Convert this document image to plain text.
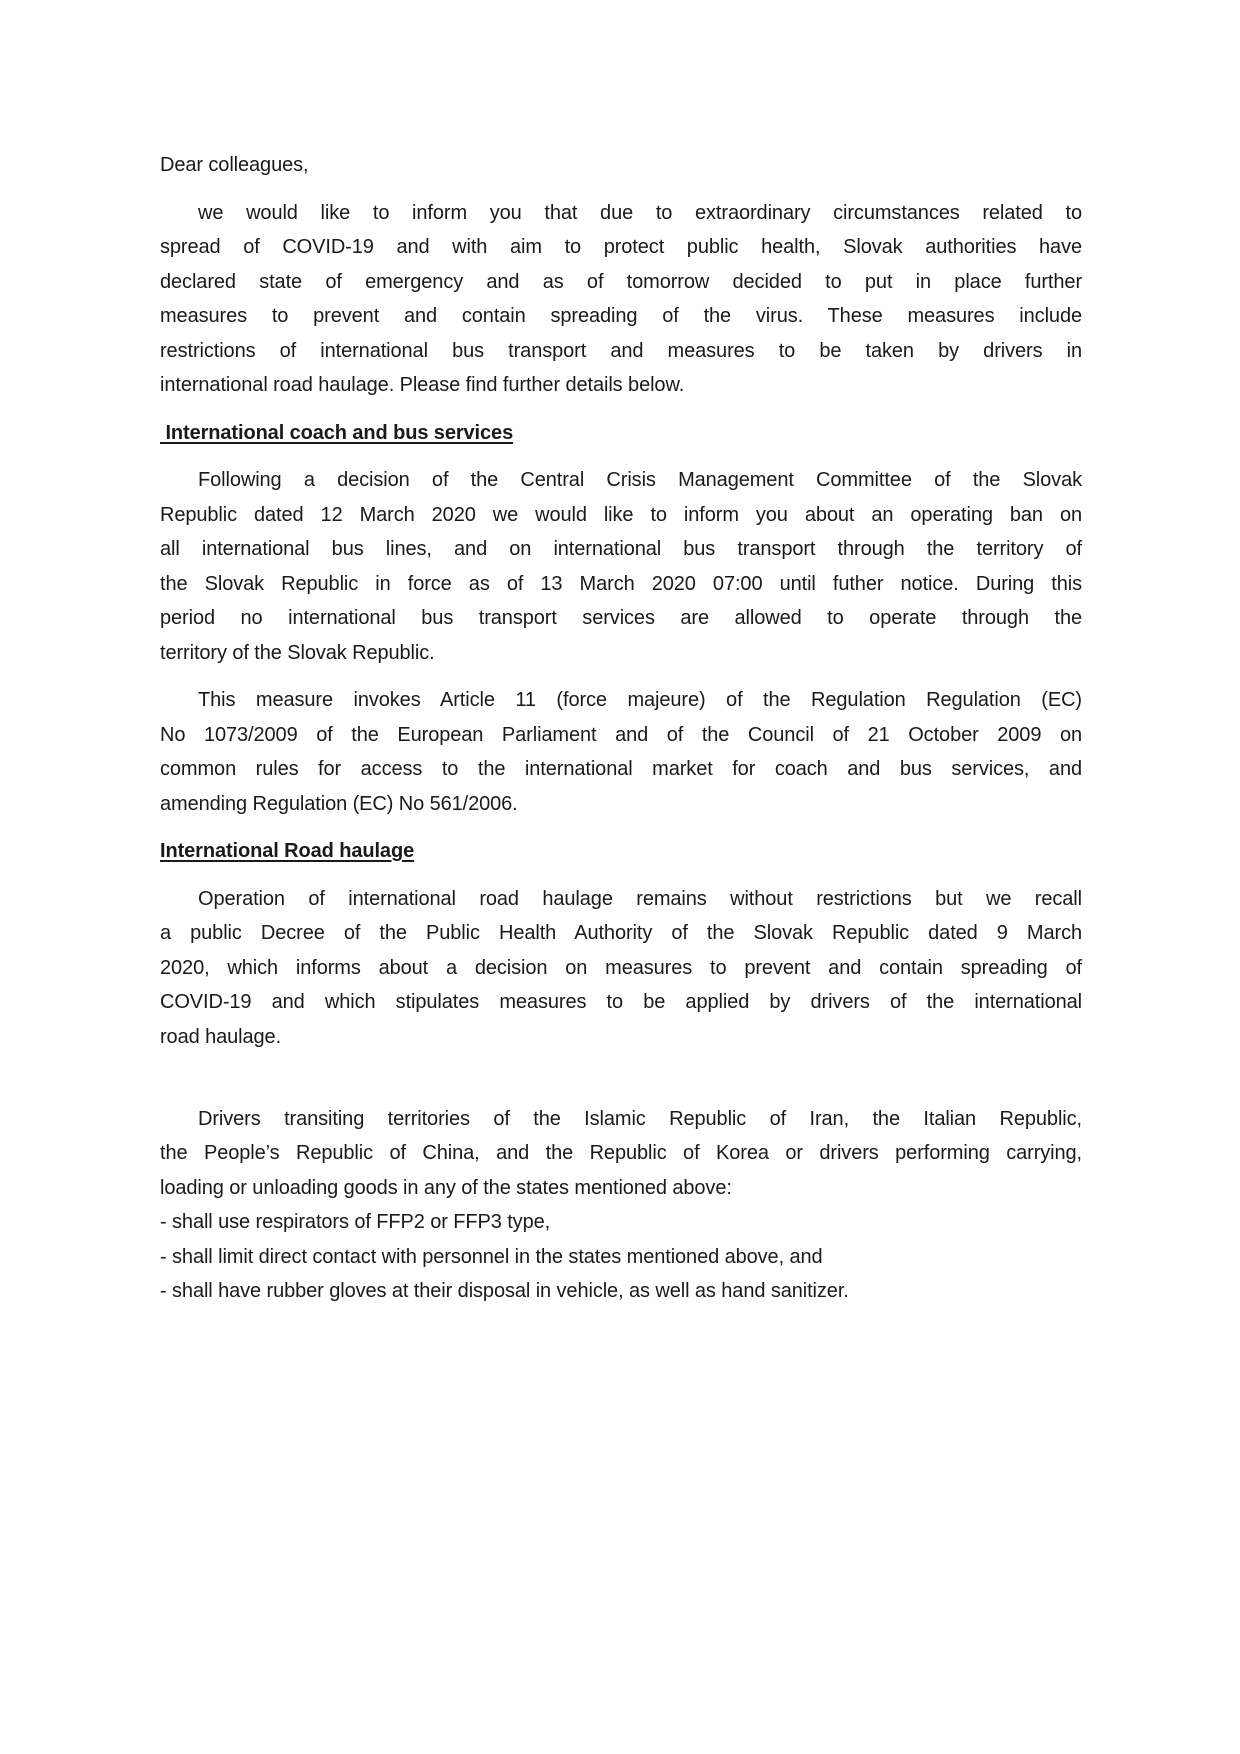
Dear colleagues,
we would like to inform you that due to extraordinary circumstances related to
spread of COVID-19 and with aim to protect public health, Slovak authorities have
declared state of emergency and as of tomorrow decided to put in place further
measures to prevent and contain spreading of the virus. These measures include
restrictions of international bus transport and measures to be taken by drivers in
international road haulage. Please find further details below.
International coach and bus services
Following a decision of the Central Crisis Management Committee of the Slovak
Republic dated 12 March 2020 we would like to inform you about an operating ban on
all international bus lines, and on international bus transport through the territory of
the Slovak Republic in force as of 13 March 2020 07:00 until futher notice. During this
period no international bus transport services are allowed to operate through the
territory of the Slovak Republic.
This measure invokes Article 11 (force majeure) of the Regulation Regulation (EC)
No 1073/2009 of the European Parliament and of the Council of 21 October 2009 on
common rules for access to the international market for coach and bus services, and
amending Regulation (EC) No 561/2006.
International Road haulage
Operation of international road haulage remains without restrictions but we recall
a public Decree of the Public Health Authority of the Slovak Republic dated 9 March
2020, which informs about a decision on measures to prevent and contain spreading of
COVID-19 and which stipulates measures to be applied by drivers of the international
road haulage.
Drivers transiting territories of the Islamic Republic of Iran, the Italian Republic,
the People’s Republic of China, and the Republic of Korea or drivers performing carrying,
loading or unloading goods in any of the states mentioned above:
- shall use respirators of FFP2 or FFP3 type,
- shall limit direct contact with personnel in the states mentioned above, and
- shall have rubber gloves at their disposal in vehicle, as well as hand sanitizer.
